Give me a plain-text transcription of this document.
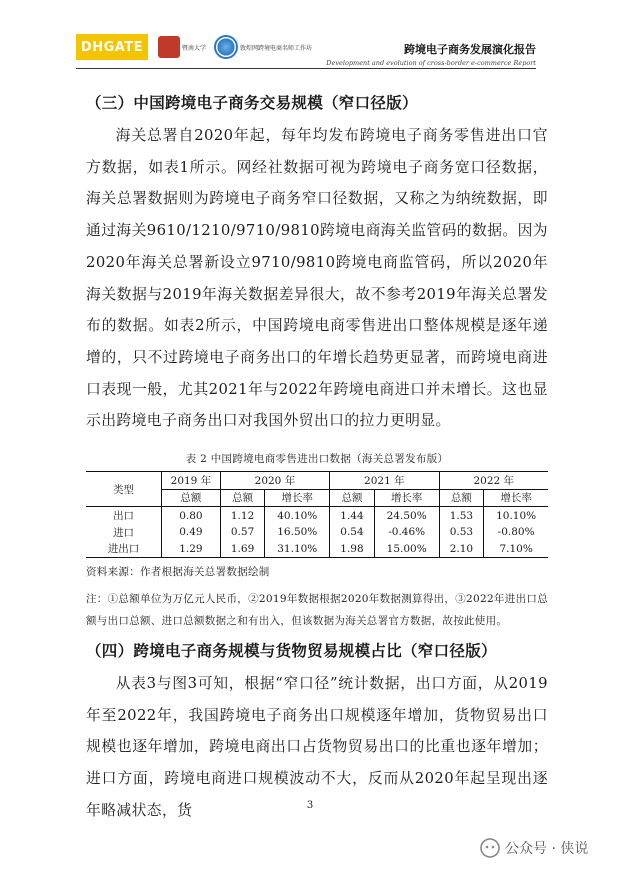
DHGATE	暨南大学	敦煌网跨境电商名师工作坊	跨境电子商务发展演化报告
Development and evolution of cross-border e-commerce Report
（三）中国跨境电子商务交易规模（窄口径版）

海关总署自2020年起，每年均发布跨境电子商务零售进出口官方数据，如表1所示。网经社数据可视为跨境电子商务宽口径数据，海关总署数据则为跨境电子商务窄口径数据，又称之为纳统数据，即通过海关9610/1210/9710/9810跨境电商海关监管码的数据。因为2020年海关总署新设立9710/9810跨境电商监管码，所以2020年海关数据与2019年海关数据差异很大，故不参考2019年海关总署发布的数据。如表2所示，中国跨境电商零售进出口整体规模是逐年递增的，只不过跨境电子商务出口的年增长趋势更显著，而跨境电商进口表现一般，尤其2021年与2022年跨境电商进口并未增长。这也显示出跨境电子商务出口对我国外贸出口的拉力更明显。

表 2 中国跨境电商零售进出口数据（海关总署发布版）
类型	2019 年	2020 年		2021 年		2022 年	
	总额	总额	增长率	总额	增长率	总额	增长率
出口	0.80	1.12	40.10%	1.44	24.50%	1.53	10.10%
进口	0.49	0.57	16.50%	0.54	-0.46%	0.53	-0.80%
进出口	1.29	1.69	31.10%	1.98	15.00%	2.10	7.10%
资料来源：作者根据海关总署数据绘制
注：①总额单位为万亿元人民币，②2019年数据根据2020年数据测算得出，③2022年进出口总额与出口总额、进口总额数据之和有出入，但该数据为海关总署官方数据，故按此使用。
（四）跨境电子商务规模与货物贸易规模占比（窄口径版）

从表3与图3可知，根据“窄口径”统计数据，出口方面，从2019年至2022年，我国跨境电子商务出口规模逐年增加，货物贸易出口规模也逐年增加，跨境电商出口占货物贸易出口的比重也逐年增加；进口方面，跨境电商进口规模波动不大，反而从2020年起呈现出逐年略减状态，货	3
公众号 · 侠说
